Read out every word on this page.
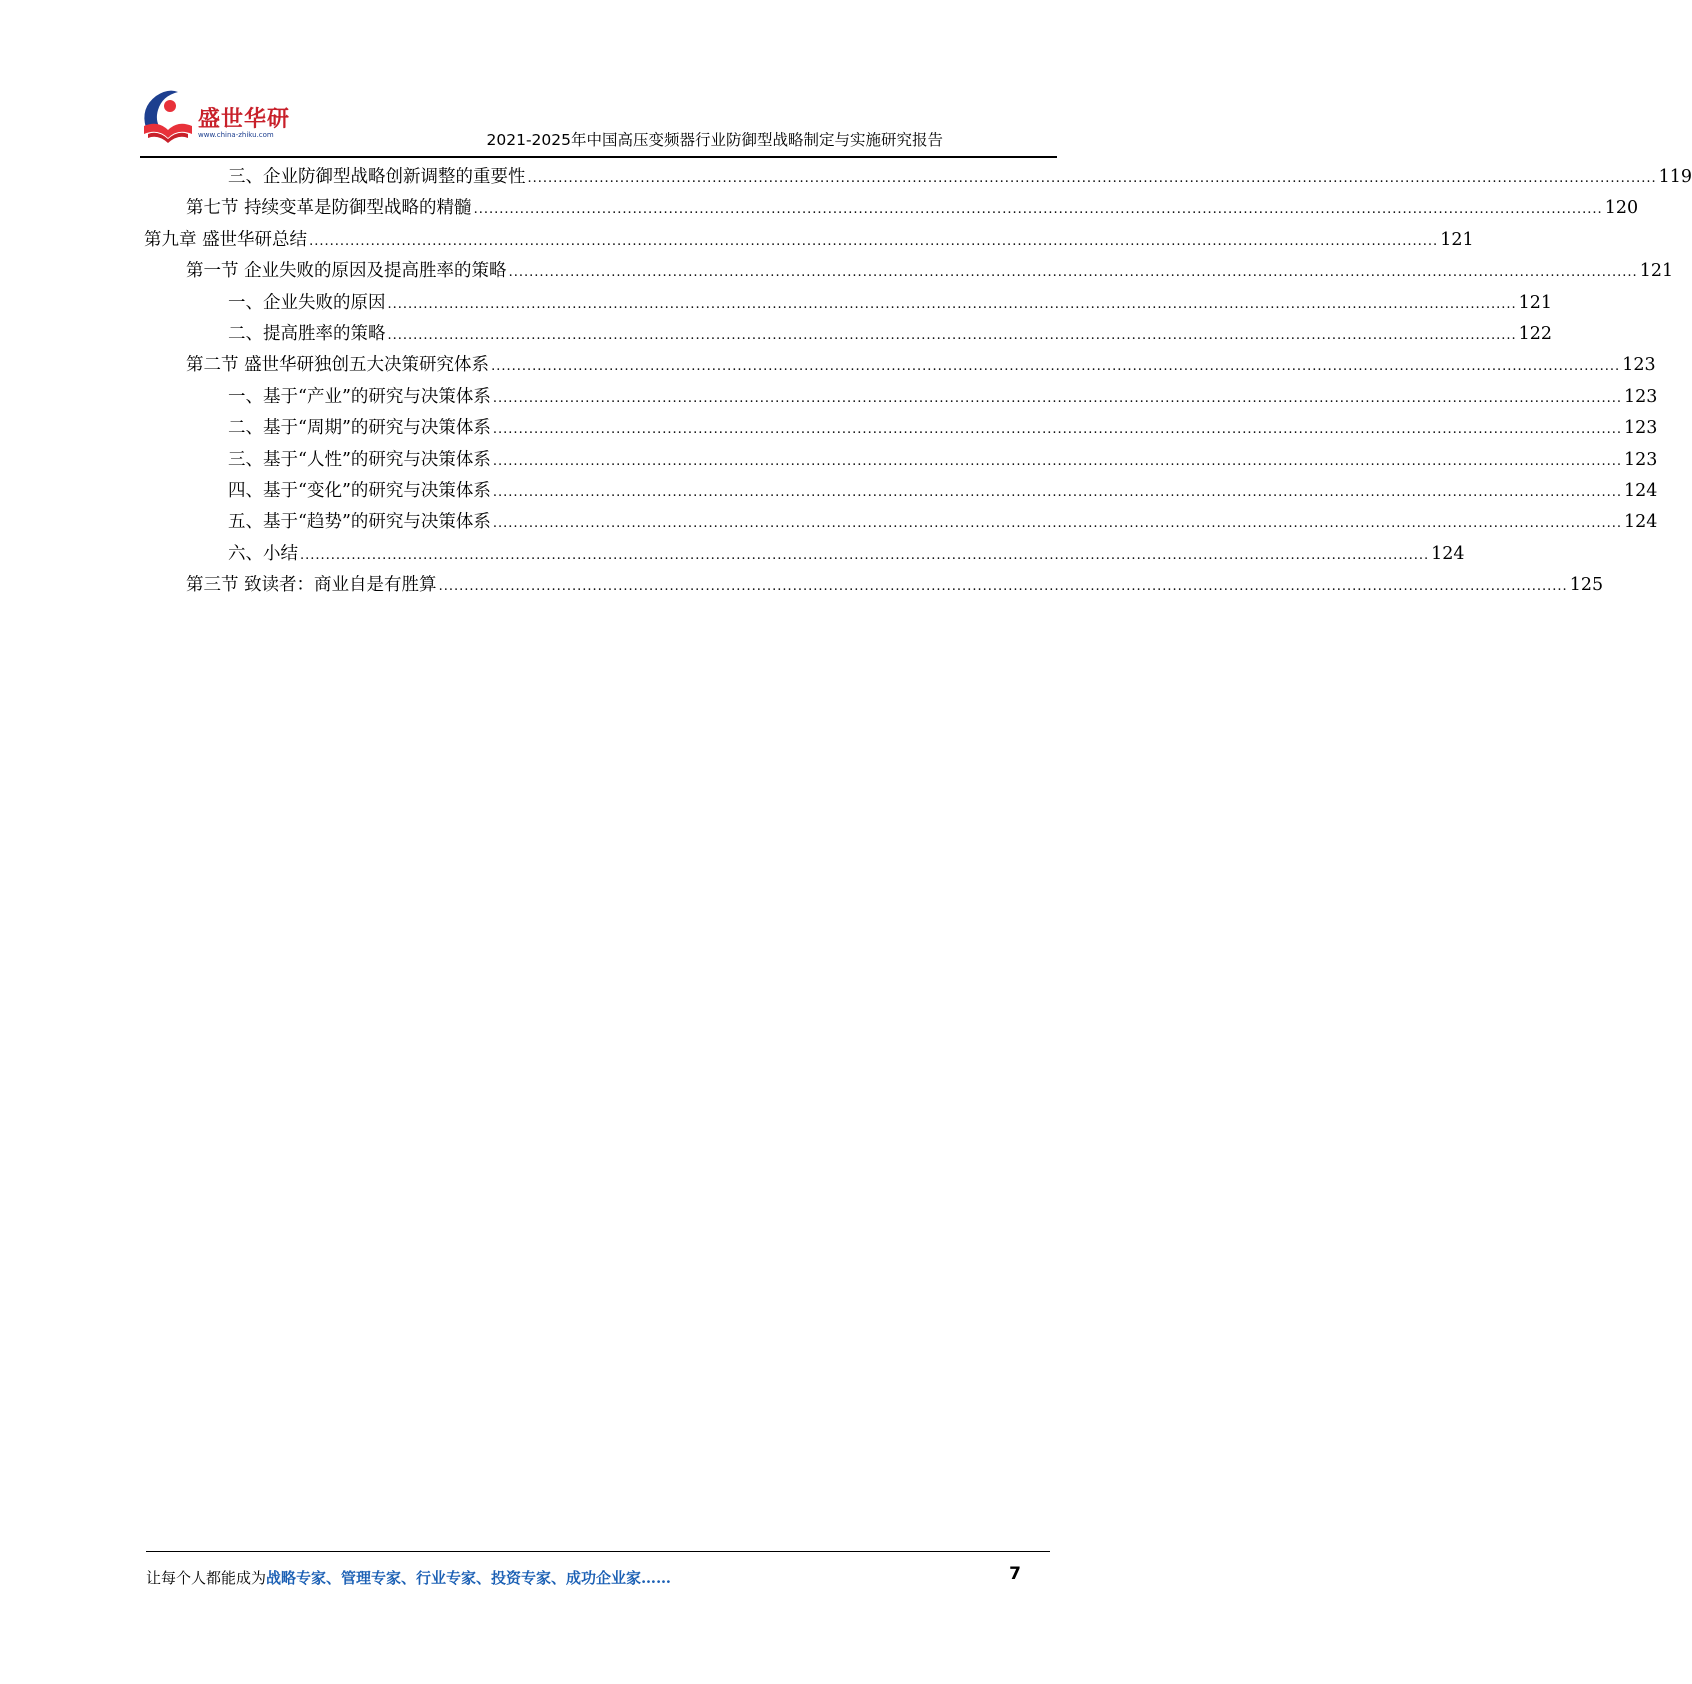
盛世华研
www.china-zhiku.com	2021-2025年中国高压变频器行业防御型战略制定与实施研究报告
三、企业防御型战略创新调整的重要性 ............................................................................................................................................................................................................................ 119
第七节 持续变革是防御型战略的精髓 ............................................................................................................................................................................................................................ 120
第九章 盛世华研总结 ............................................................................................................................................................................................................................ 121
第一节 企业失败的原因及提高胜率的策略 ............................................................................................................................................................................................................................ 121
一、企业失败的原因 ............................................................................................................................................................................................................................ 121
二、提高胜率的策略 ............................................................................................................................................................................................................................ 122
第二节 盛世华研独创五大决策研究体系 ............................................................................................................................................................................................................................ 123
一、基于“产业”的研究与决策体系 ............................................................................................................................................................................................................................ 123
二、基于“周期”的研究与决策体系 ............................................................................................................................................................................................................................ 123
三、基于“人性”的研究与决策体系 ............................................................................................................................................................................................................................ 123
四、基于“变化”的研究与决策体系 ............................................................................................................................................................................................................................ 124
五、基于“趋势”的研究与决策体系 ............................................................................................................................................................................................................................ 124
六、小结 ............................................................................................................................................................................................................................ 124
第三节 致读者：商业自是有胜算 ............................................................................................................................................................................................................................ 125
让每个人都能成为战略专家、管理专家、行业专家、投资专家、成功企业家……	7
